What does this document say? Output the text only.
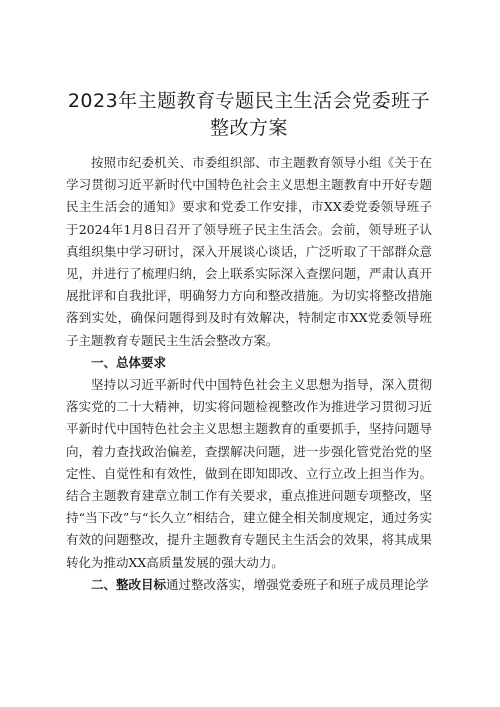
2023年主题教育专题民主生活会党委班子
整改方案

按照市纪委机关、市委组织部、市主题教育领导小组《关于在学习贯彻习近平新时代中国特色社会主义思想主题教育中开好专题民主生活会的通知》要求和党委工作安排，市XX委党委领导班子于2024年1月8日召开了领导班子民主生活会。会前，领导班子认真组织集中学习研讨，深入开展谈心谈话，广泛听取了干部群众意见，并进行了梳理归纳，会上联系实际深入查摆问题，严肃认真开展批评和自我批评，明确努力方向和整改措施。为切实将整改措施落到实处，确保问题得到及时有效解决，特制定市XX党委领导班子主题教育专题民主生活会整改方案。

一、总体要求

坚持以习近平新时代中国特色社会主义思想为指导，深入贯彻落实党的二十大精神，切实将问题检视整改作为推进学习贯彻习近平新时代中国特色社会主义思想主题教育的重要抓手，坚持问题导向，着力查找政治偏差，查摆解决问题，进一步强化管党治党的坚定性、自觉性和有效性，做到在即知即改、立行立改上担当作为。结合主题教育建章立制工作有关要求，重点推进问题专项整改，坚持“当下改”与“长久立”相结合，建立健全相关制度规定，通过务实有效的问题整改，提升主题教育专题民主生活会的效果，将其成果转化为推动XX高质量发展的强大动力。

二、整改目标通过整改落实，增强党委班子和班子成员理论学
